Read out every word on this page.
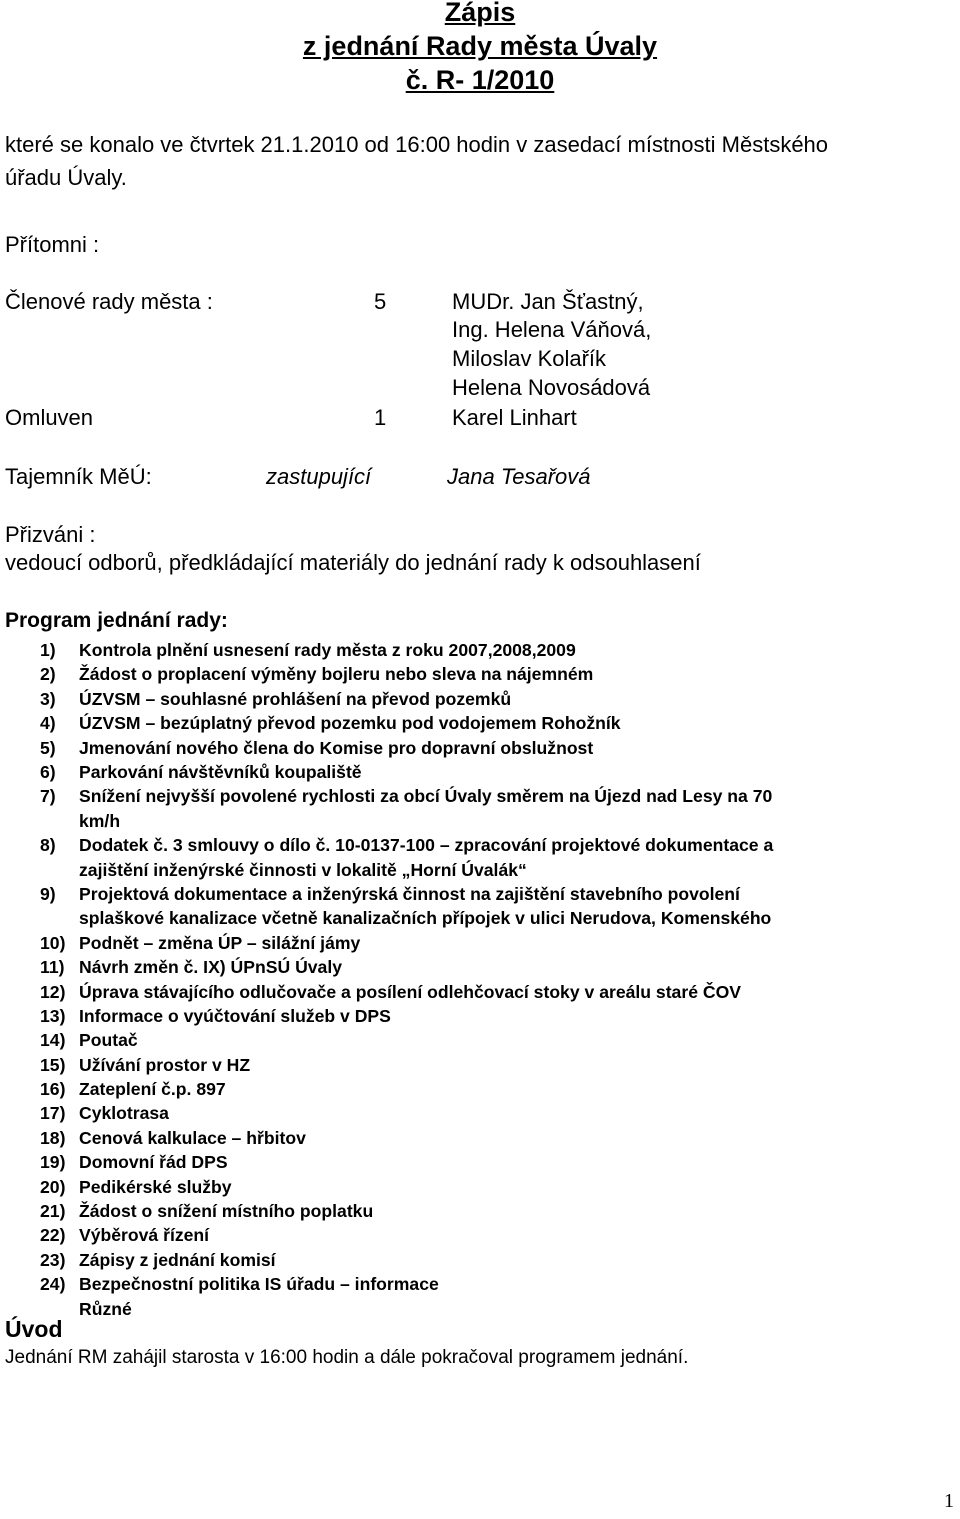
Zápis
z jednání Rady města Úvaly
č. R- 1/2010
které se konalo ve čtvrtek 21.1.2010 od 16:00 hodin v zasedací místnosti Městského
úřadu Úvaly.
Přítomni :
Členové rady města :	5	MUDr. Jan Šťastný,
Ing. Helena Váňová,
Miloslav Kolařík
Helena Novosádová
Omluven	1	Karel Linhart
Tajemník MěÚ:	zastupující	Jana Tesařová
Přizváni :
vedoucí odborů, předkládající materiály do jednání rady k odsouhlasení
Program jednání rady:
1) Kontrola plnění usnesení rady města z roku 2007,2008,2009
2) Žádost o proplacení výměny bojleru nebo sleva na nájemném
3) ÚZVSM – souhlasné prohlášení na převod pozemků
4) ÚZVSM – bezúplatný převod pozemku pod vodojemem Rohožník
5) Jmenování nového člena do Komise pro dopravní obslužnost
6) Parkování návštěvníků koupaliště
7) Snížení nejvyšší povolené rychlosti za obcí Úvaly směrem na Újezd nad Lesy na 70
km/h
8) Dodatek č. 3 smlouvy o dílo č. 10-0137-100 – zpracování projektové dokumentace a
zajištění inženýrské činnosti v lokalitě „Horní Úvalák“
9) Projektová dokumentace a inženýrská činnost na zajištění stavebního povolení
splaškové kanalizace včetně kanalizačních přípojek v ulici Nerudova, Komenského
10) Podnět – změna ÚP – silážní jámy
11) Návrh změn č. IX) ÚPnSÚ Úvaly
12) Úprava stávajícího odlučovače a posílení odlehčovací stoky v areálu staré ČOV
13) Informace o vyúčtování služeb v DPS
14) Poutač
15) Užívání prostor v HZ
16) Zateplení č.p. 897
17) Cyklotrasa
18) Cenová kalkulace – hřbitov
19) Domovní řád DPS
20) Pedikérské služby
21) Žádost o snížení místního poplatku
22) Výběrová řízení
23) Zápisy z jednání komisí
24) Bezpečnostní politika IS úřadu – informace
Různé
Úvod
Jednání RM zahájil starosta v 16:00 hodin a dále pokračoval programem jednání.
1
